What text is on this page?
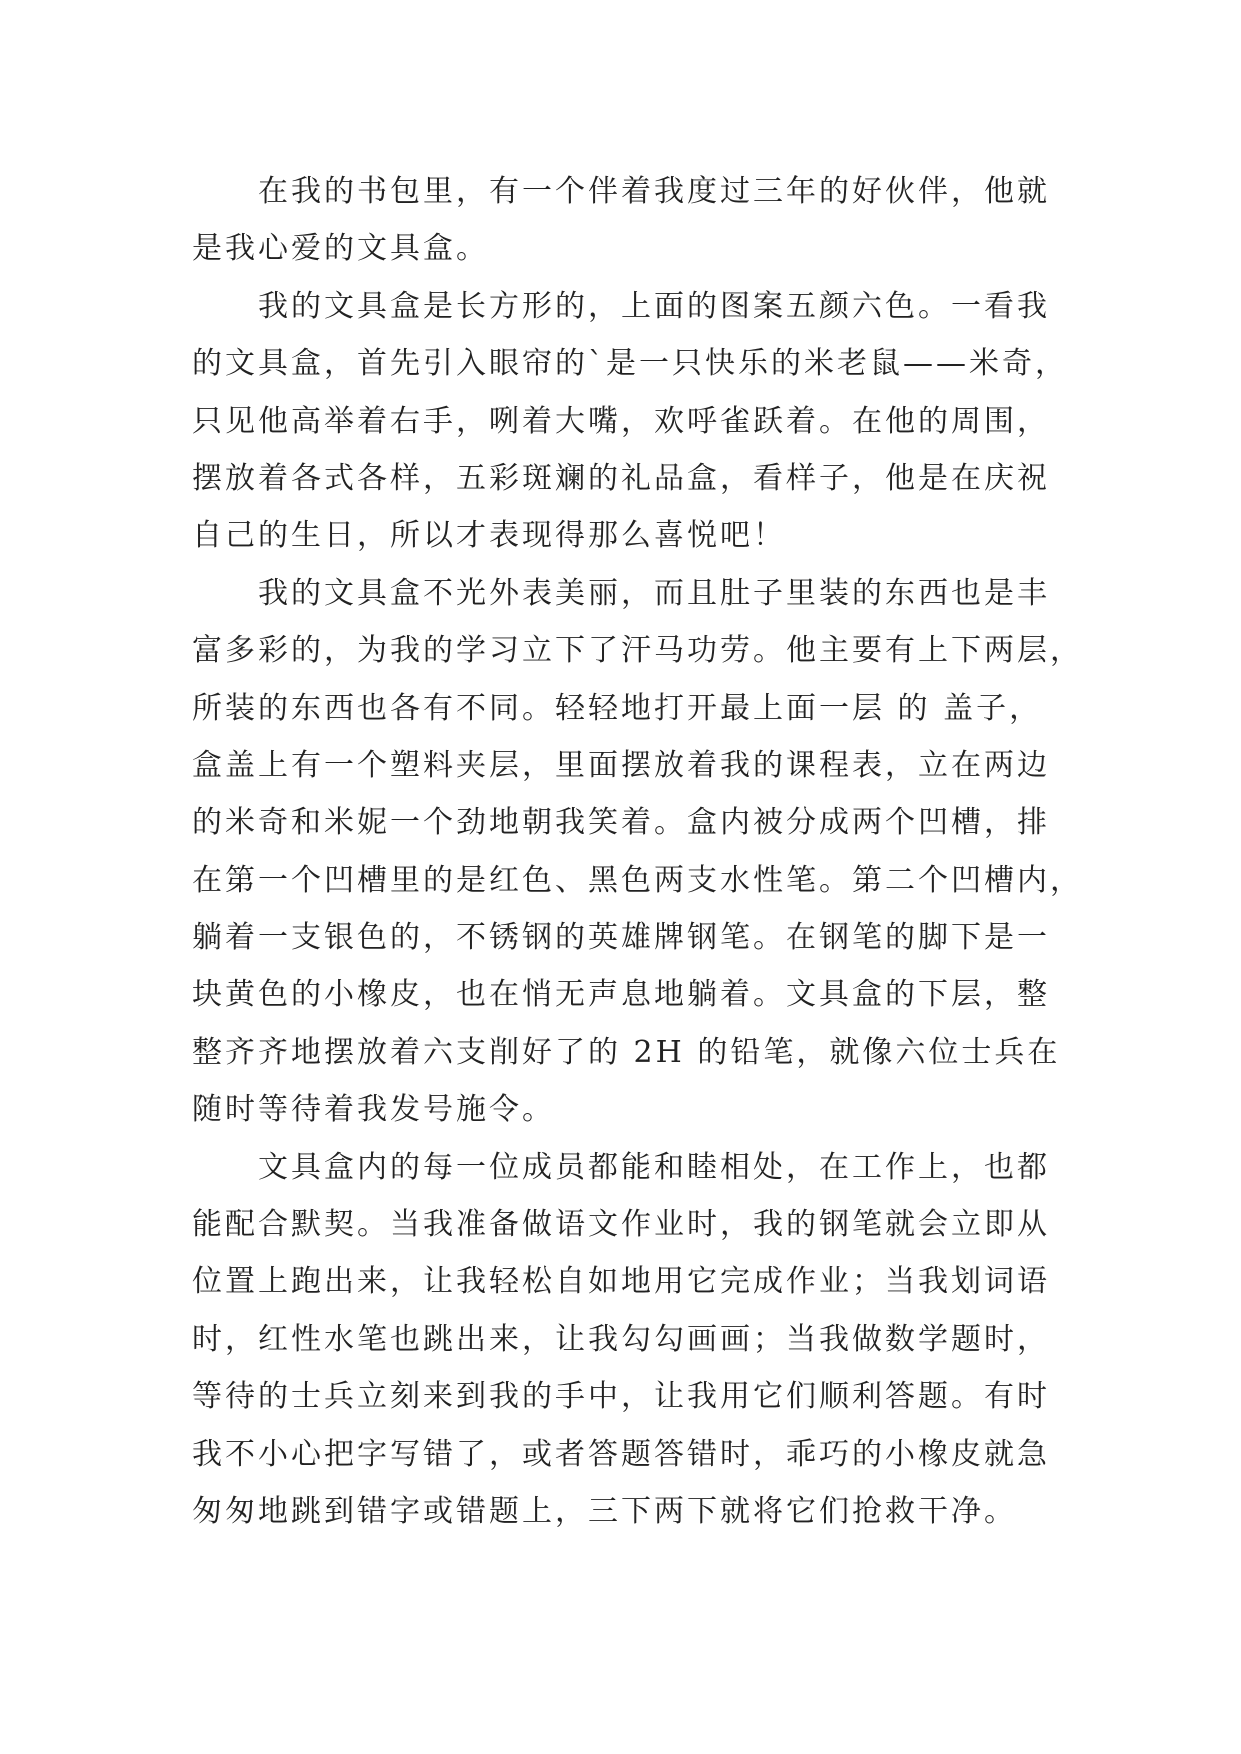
在我的书包里，有一个伴着我度过三年的好伙伴，他就
是我心爱的文具盒。
我的文具盒是长方形的，上面的图案五颜六色。一看我
的文具盒，首先引入眼帘的`是一只快乐的米老鼠——米奇，
只见他高举着右手，咧着大嘴，欢呼雀跃着。在他的周围，
摆放着各式各样，五彩斑斓的礼品盒，看样子，他是在庆祝
自己的生日，所以才表现得那么喜悦吧！
我的文具盒不光外表美丽，而且肚子里装的东西也是丰
富多彩的，为我的学习立下了汗马功劳。他主要有上下两层，
所装的东西也各有不同。轻轻地打开最上面一层 的 盖子，
盒盖上有一个塑料夹层，里面摆放着我的课程表，立在两边
的米奇和米妮一个劲地朝我笑着。盒内被分成两个凹槽，排
在第一个凹槽里的是红色、黑色两支水性笔。第二个凹槽内，
躺着一支银色的，不锈钢的英雄牌钢笔。在钢笔的脚下是一
块黄色的小橡皮，也在悄无声息地躺着。文具盒的下层，整
整齐齐地摆放着六支削好了的 2H 的铅笔，就像六位士兵在
随时等待着我发号施令。
文具盒内的每一位成员都能和睦相处，在工作上，也都
能配合默契。当我准备做语文作业时，我的钢笔就会立即从
位置上跑出来，让我轻松自如地用它完成作业；当我划词语
时，红性水笔也跳出来，让我勾勾画画；当我做数学题时，
等待的士兵立刻来到我的手中，让我用它们顺利答题。有时
我不小心把字写错了，或者答题答错时，乖巧的小橡皮就急
匆匆地跳到错字或错题上，三下两下就将它们抢救干净。
